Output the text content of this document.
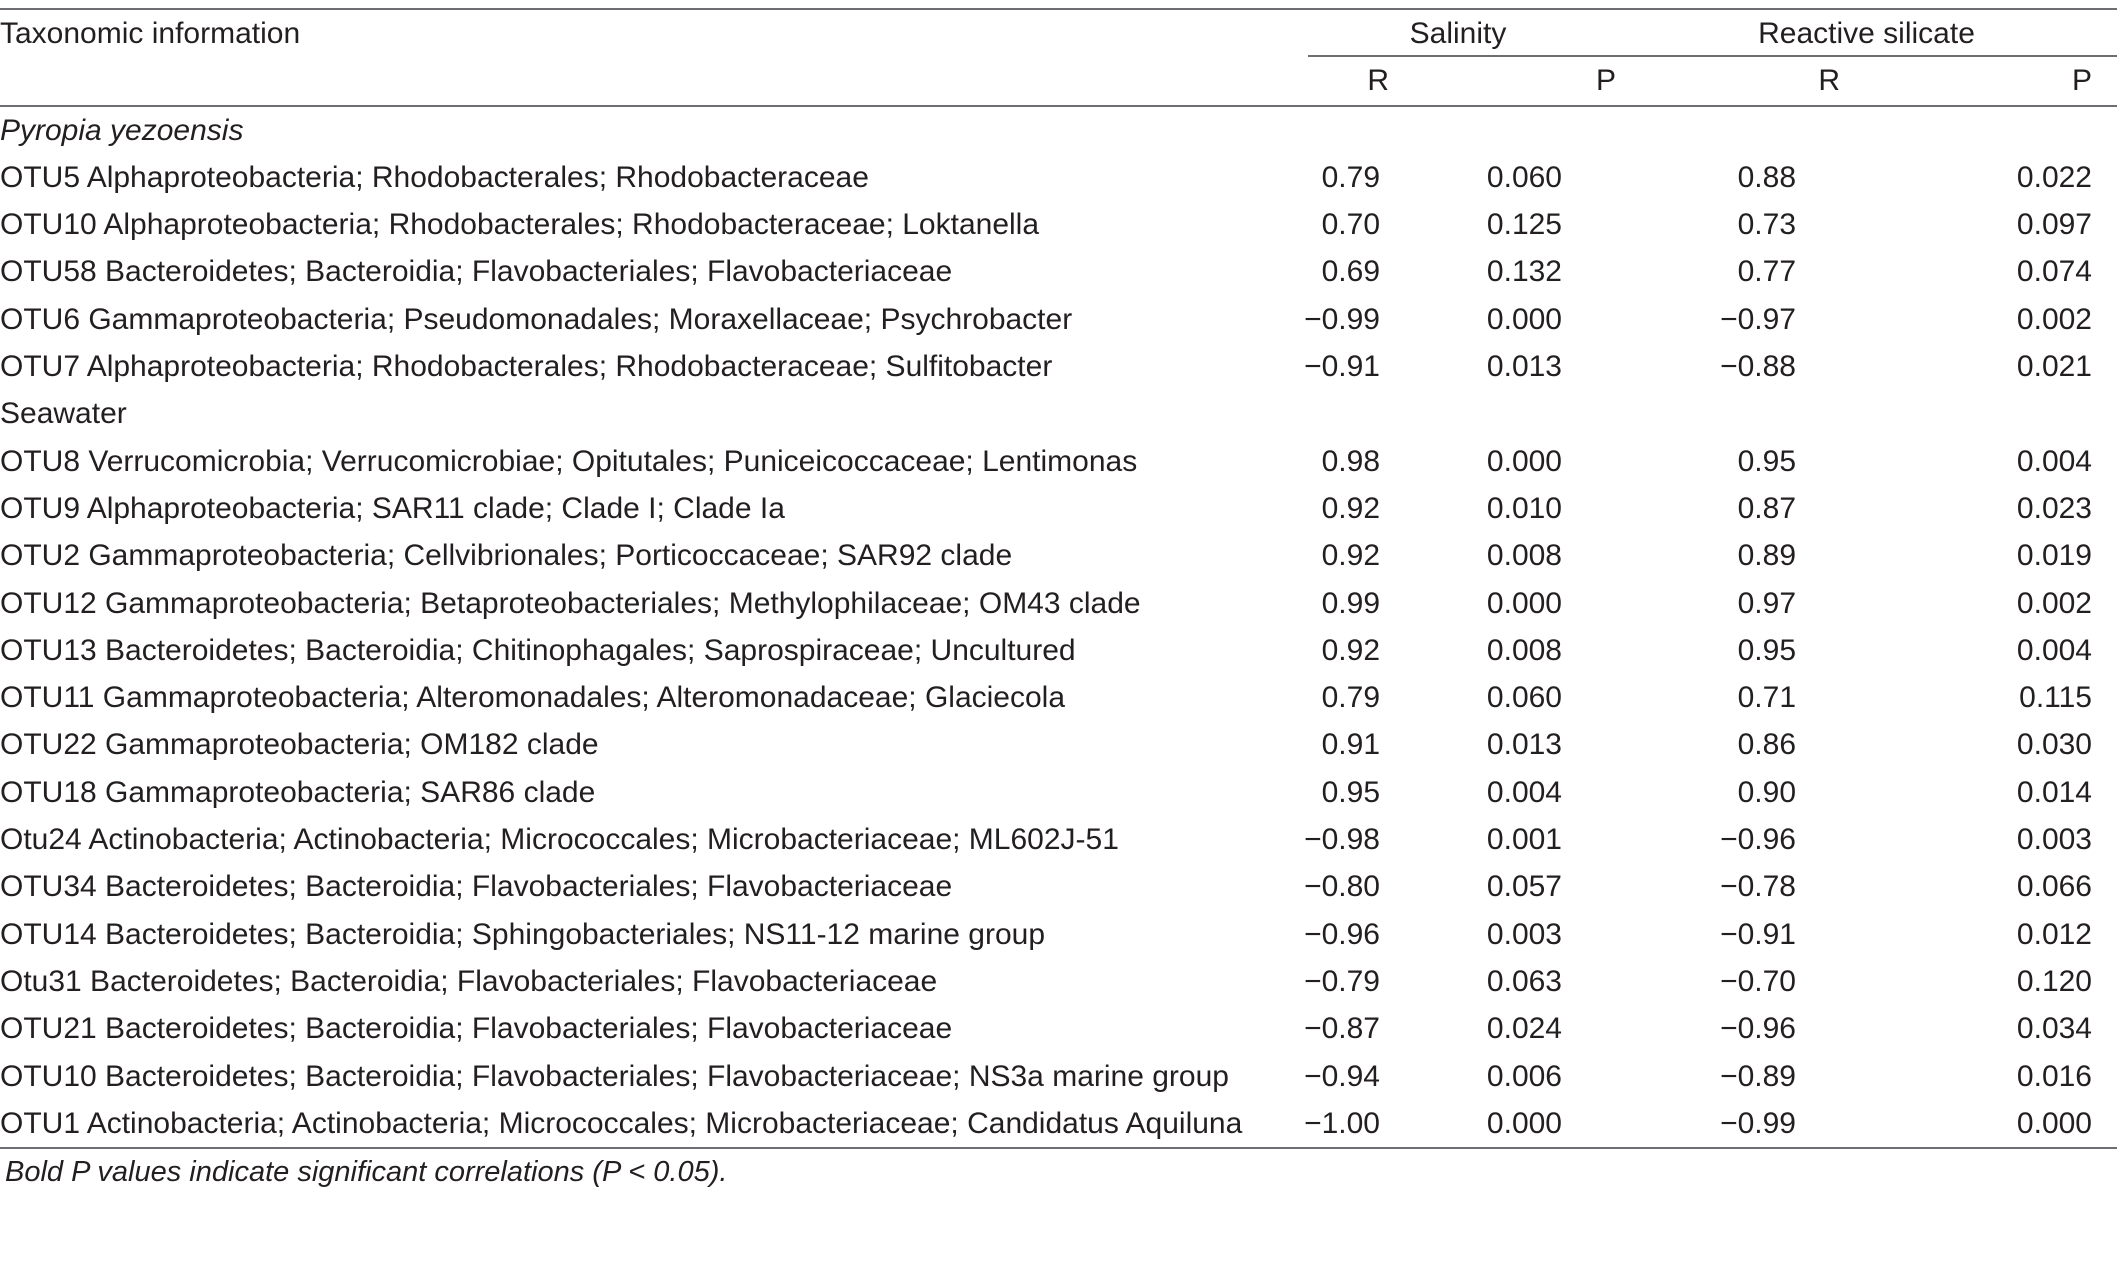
Taxonomic information	Salinity		Reactive silicate		
	R	P	R	P	
Pyropia yezoensis					
OTU5 Alphaproteobacteria; Rhodobacterales; Rhodobacteraceae	0.79	0.060	0.88	0.022	
OTU10 Alphaproteobacteria; Rhodobacterales; Rhodobacteraceae; Loktanella	0.70	0.125	0.73	0.097	
OTU58 Bacteroidetes; Bacteroidia; Flavobacteriales; Flavobacteriaceae	0.69	0.132	0.77	0.074	
OTU6 Gammaproteobacteria; Pseudomonadales; Moraxellaceae; Psychrobacter	−0.99	0.000	−0.97	0.002	
OTU7 Alphaproteobacteria; Rhodobacterales; Rhodobacteraceae; Sulfitobacter	−0.91	0.013	−0.88	0.021	
Seawater					
OTU8 Verrucomicrobia; Verrucomicrobiae; Opitutales; Puniceicoccaceae; Lentimonas	0.98	0.000	0.95	0.004	
OTU9 Alphaproteobacteria; SAR11 clade; Clade I; Clade Ia	0.92	0.010	0.87	0.023	
OTU2 Gammaproteobacteria; Cellvibrionales; Porticoccaceae; SAR92 clade	0.92	0.008	0.89	0.019	
OTU12 Gammaproteobacteria; Betaproteobacteriales; Methylophilaceae; OM43 clade	0.99	0.000	0.97	0.002	
OTU13 Bacteroidetes; Bacteroidia; Chitinophagales; Saprospiraceae; Uncultured	0.92	0.008	0.95	0.004	
OTU11 Gammaproteobacteria; Alteromonadales; Alteromonadaceae; Glaciecola	0.79	0.060	0.71	0.115	
OTU22 Gammaproteobacteria; OM182 clade	0.91	0.013	0.86	0.030	
OTU18 Gammaproteobacteria; SAR86 clade	0.95	0.004	0.90	0.014	
Otu24 Actinobacteria; Actinobacteria; Micrococcales; Microbacteriaceae; ML602J-51	−0.98	0.001	−0.96	0.003	
OTU34 Bacteroidetes; Bacteroidia; Flavobacteriales; Flavobacteriaceae	−0.80	0.057	−0.78	0.066	
OTU14 Bacteroidetes; Bacteroidia; Sphingobacteriales; NS11-12 marine group	−0.96	0.003	−0.91	0.012	
Otu31 Bacteroidetes; Bacteroidia; Flavobacteriales; Flavobacteriaceae	−0.79	0.063	−0.70	0.120	
OTU21 Bacteroidetes; Bacteroidia; Flavobacteriales; Flavobacteriaceae	−0.87	0.024	−0.96	0.034	
OTU10 Bacteroidetes; Bacteroidia; Flavobacteriales; Flavobacteriaceae; NS3a marine group	−0.94	0.006	−0.89	0.016	
OTU1 Actinobacteria; Actinobacteria; Micrococcales; Microbacteriaceae; Candidatus Aquiluna	−1.00	0.000	−0.99	0.000	
Bold P values indicate significant correlations (P < 0.05).
